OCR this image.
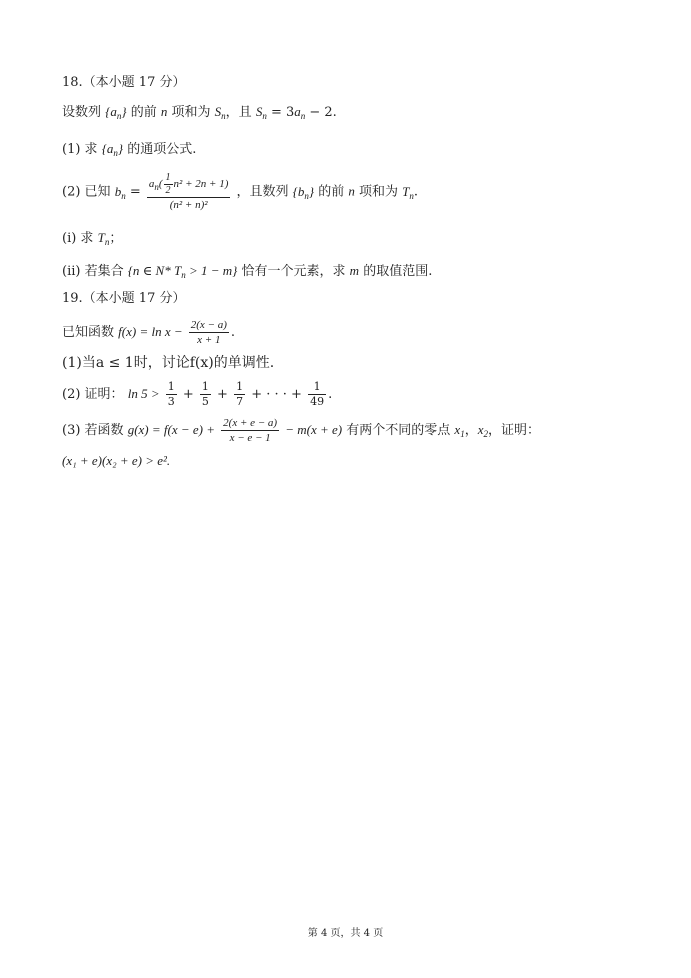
18.（本小题 17 分）
设数列 $\{a_n\}$ 的前 n 项和为 $S_n$，且 $S_n = 3a_n - 2$.
(1) 求 $\{a_n\}$ 的通项公式.
(2) 已知 $b_n = \frac{a_n( \frac{1}{2} n^2 + 2n + 1)}{\text{(n² + n)²}}$ ，且数列 $\{b_n\}$ 的前 n 项和为 $T_n$.
(ⅰ) 求 $T_n$；
(ⅱ) 若集合 {n ∈ N* $T_n > 1 - m$} 恰有一个元素，求 m 的取值范围.
19.（本小题 17 分）
已知函数 $f(x) = \ln x - \frac{2(x - a)}{x + 1}$ .
(1)当a ≤ 1时，讨论f(x)的单调性.
(2) 证明： $\ln 5 > \frac{1}{3} + \frac{1}{5} + \frac{1}{7}$ + · · · + $\frac{1}{49}$ .
(3) 若函数 $g(x) = f(x - e) + \frac{2(x + e - a)}{x - e - 1} - m(x + e)$ 有两个不同的零点 $x_1$，$x_2$，证明：
(x₁ + e)(x₂ + e) > e².
第 4 页，共 4 页
